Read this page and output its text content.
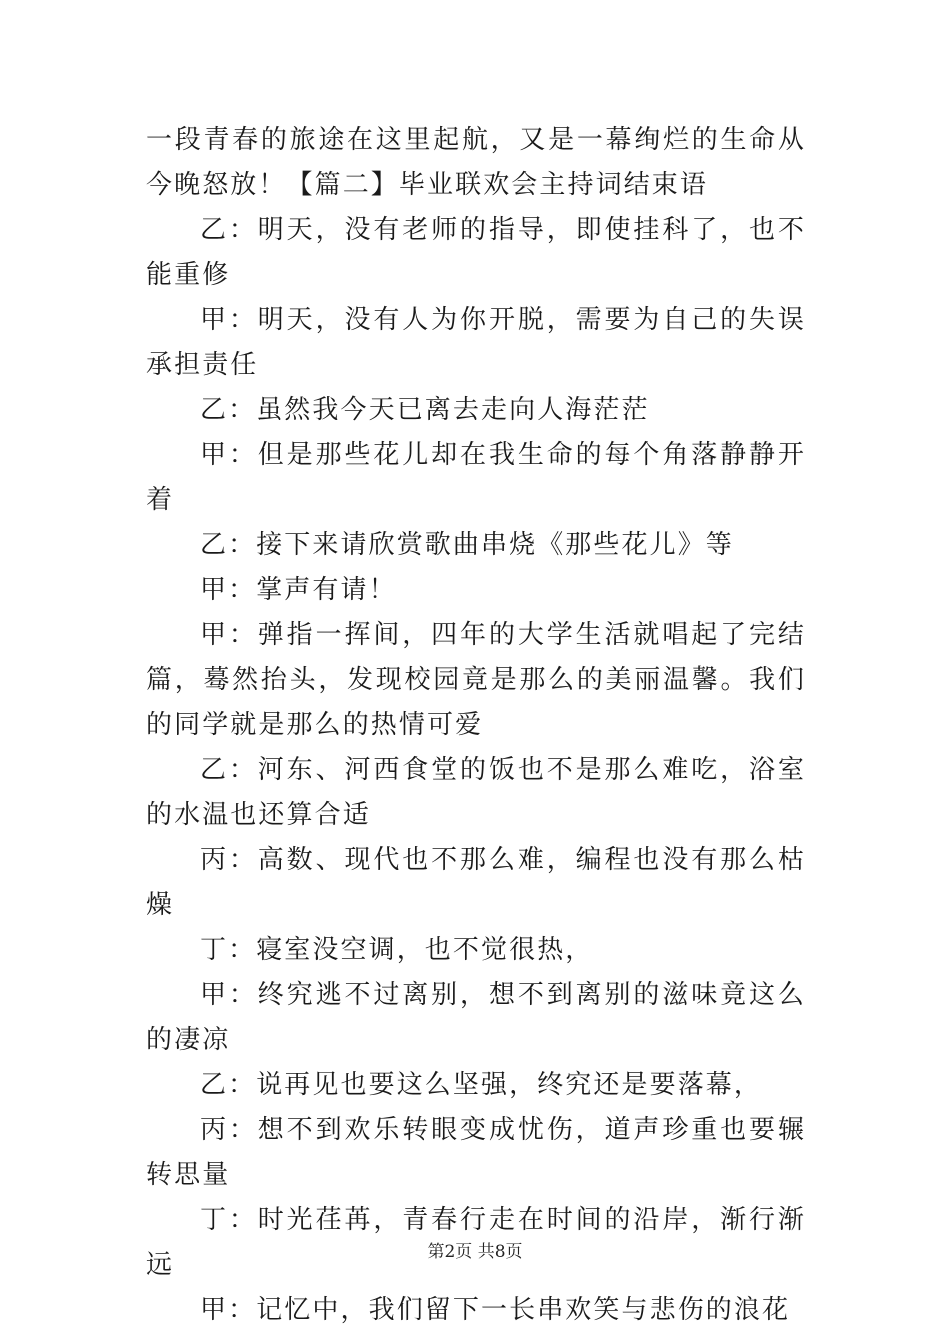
一段青春的旅途在这里起航，又是一幕绚烂的生命从今晚怒放！【篇二】毕业联欢会主持词结束语

乙：明天，没有老师的指导，即使挂科了，也不能重修

甲：明天，没有人为你开脱，需要为自己的失误承担责任

乙：虽然我今天已离去走向人海茫茫

甲：但是那些花儿却在我生命的每个角落静静开着

乙：接下来请欣赏歌曲串烧《那些花儿》等

甲：掌声有请！

甲：弹指一挥间，四年的大学生活就唱起了完结篇，蓦然抬头，发现校园竟是那么的美丽温馨。我们的同学就是那么的热情可爱

乙：河东、河西食堂的饭也不是那么难吃，浴室的水温也还算合适

丙：高数、现代也不那么难，编程也没有那么枯燥

丁：寝室没空调，也不觉很热，

甲：终究逃不过离别，想不到离别的滋味竟这么的凄凉

乙：说再见也要这么坚强，终究还是要落幕，

丙：想不到欢乐转眼变成忧伤，道声珍重也要辗转思量

丁：时光荏苒，青春行走在时间的沿岸，渐行渐远

甲：记忆中，我们留下一长串欢笑与悲伤的浪花

第2页 共8页
